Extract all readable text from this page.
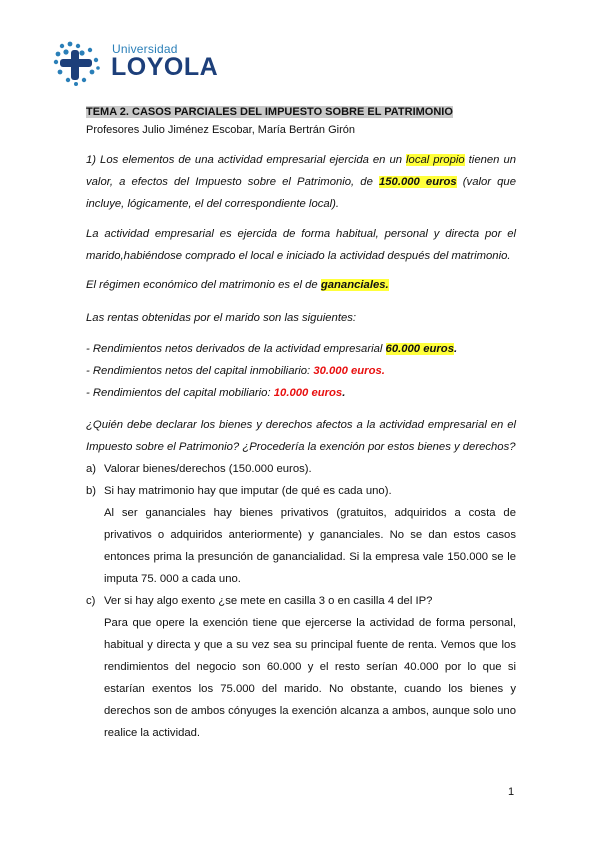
Universidad
LOYOLA
TEMA 2. CASOS PARCIALES DEL IMPUESTO SOBRE EL PATRIMONIO
Profesores Julio Jiménez Escobar, María Bertrán Girón
1) Los elementos de una actividad empresarial ejercida en un local propio tienen un valor, a efectos del Impuesto sobre el Patrimonio, de 150.000 euros (valor que incluye, lógicamente, el del correspondiente local).
La actividad empresarial es ejercida de forma habitual, personal y directa por el marido,habiéndose comprado el local e iniciado la actividad después del matrimonio.
El régimen económico del matrimonio es el de gananciales.
Las rentas obtenidas por el marido son las siguientes:
- Rendimientos netos derivados de la actividad empresarial 60.000 euros.
- Rendimientos netos del capital inmobiliario: 30.000 euros.
- Rendimientos del capital mobiliario: 10.000 euros.
¿Quién debe declarar los bienes y derechos afectos a la actividad empresarial en el Impuesto sobre el Patrimonio? ¿Procedería la exención por estos bienes y derechos?
a) Valorar bienes/derechos (150.000 euros).
b) Si hay matrimonio hay que imputar (de qué es cada uno).
Al ser gananciales hay bienes privativos (gratuitos, adquiridos a costa de privativos o adquiridos anteriormente) y gananciales. No se dan estos casos entonces prima la presunción de ganancialidad. Si la empresa vale 150.000 se le imputa 75. 000 a cada uno.
c) Ver si hay algo exento ¿se mete en casilla 3 o en casilla 4 del IP?
Para que opere la exención tiene que ejercerse la actividad de forma personal, habitual y directa y que a su vez sea su principal fuente de renta. Vemos que los rendimientos del negocio son 60.000 y el resto serían 40.000 por lo que si estarían exentos los 75.000 del marido. No obstante, cuando los bienes y derechos son de ambos cónyuges la exención alcanza a ambos, aunque solo uno realice la actividad.
1
